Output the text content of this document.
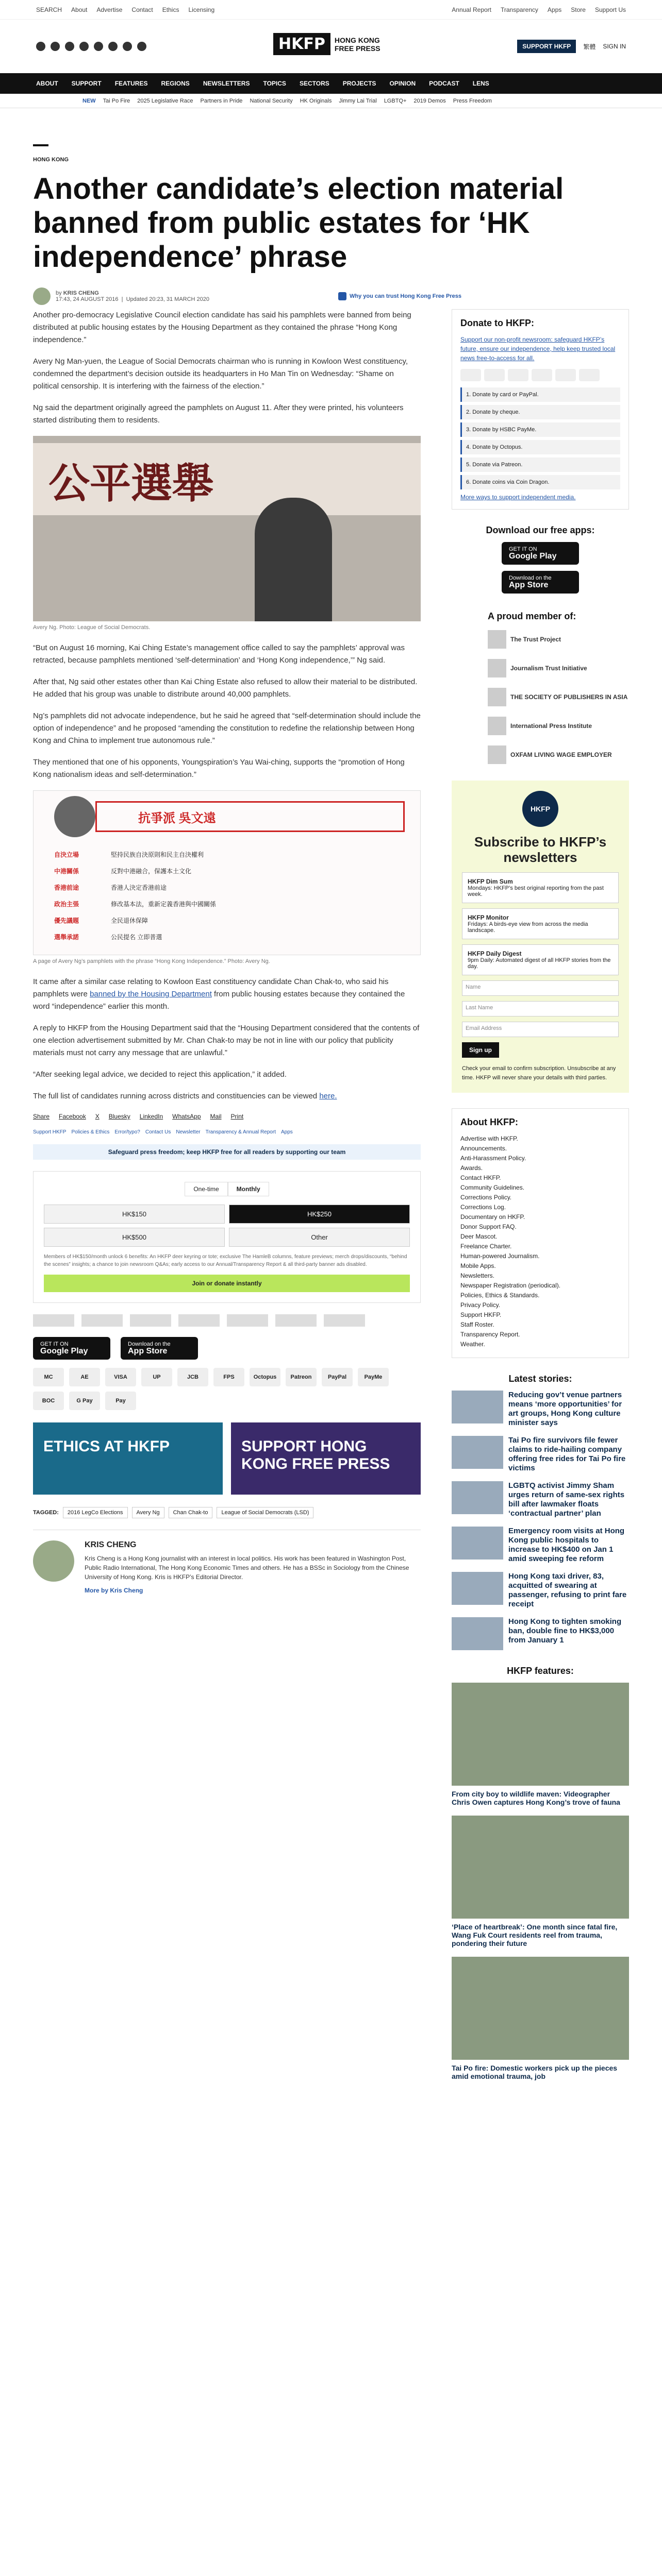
SEARCH About Advertise Contact Ethics Licensing	Annual Report Transparency Apps Store Support Us
HKFP	HONG KONG
FREE PRESS	SUPPORT HKFP	繁體 SIGN IN
ABOUT SUPPORT FEATURES REGIONS NEWSLETTERS TOPICS SECTORS PROJECTS OPINION PODCAST LENS
NEW Tai Po Fire 2025 Legislative Race Partners in Pride National Security HK Originals Jimmy Lai Trial LGBTQ+ 2019 Demos Press Freedom
HONG KONG
Another candidate’s election material banned from public estates for ‘HK independence’ phrase
by KRIS CHENG
17:43, 24 AUGUST 2016  |  Updated 20:23, 31 MARCH 2020	Why you can trust Hong Kong Free Press

Another pro-democracy Legislative Council election candidate has said his pamphlets were banned from being distributed at public housing estates by the Housing Department as they contained the phrase “Hong Kong independence.”

Avery Ng Man-yuen, the League of Social Democrats chairman who is running in Kowloon West constituency, condemned the department’s decision outside its headquarters in Ho Man Tin on Wednesday: “Shame on political censorship. It is interfering with the fairness of the election.”

Ng said the department originally agreed the pamphlets on August 11. After they were printed, his volunteers started distributing them to residents.

公平選舉
Avery Ng. Photo: League of Social Democrats.

“But on August 16 morning, Kai Ching Estate’s management office called to say the pamphlets’ approval was retracted, because pamphlets mentioned ‘self-determination’ and ‘Hong Kong independence,’” Ng said.

After that, Ng said other estates other than Kai Ching Estate also refused to allow their material to be distributed. He added that his group was unable to distribute around 40,000 pamphlets.

Ng’s pamphlets did not advocate independence, but he said he agreed that “self-determination should include the option of independence” and he proposed “amending the constitution to redefine the relationship between Hong Kong and China to implement true autonomous rule.”

They mentioned that one of his opponents, Youngspiration’s Yau Wai-ching, supports the “promotion of Hong Kong nationalism ideas and self-determination.”

抗爭派 吳文遠
自決立場	堅持民族自決原則和民主自決權利
中港關係	反對中港融合，保護本土文化
香港前途	香港人決定香港前途
政治主張	修改基本法，重新定義香港與中國關係
優先議題	全民退休保障
選舉承諾	公民提名 立即普選
A page of Avery Ng’s pamphlets with the phrase “Hong Kong Independence.” Photo: Avery Ng.

It came after a similar case relating to Kowloon East constituency candidate Chan Chak-to, who said his pamphlets were banned by the Housing Department from public housing estates because they contained the word “independence” earlier this month.

A reply to HKFP from the Housing Department said that the “Housing Department considered that the contents of one election advertisement submitted by Mr. Chan Chak-to may be not in line with our policy that publicity materials must not carry any message that are unlawful.”

“After seeking legal advice, we decided to reject this application,” it added.

The full list of candidates running across districts and constituencies can be viewed here.

Share Facebook X Bluesky LinkedIn WhatsApp Mail Print
Support HKFP Policies & Ethics Error/typo? Contact Us Newsletter Transparency & Annual Report Apps
Safeguard press freedom; keep HKFP free for all readers by supporting our team
One-time	Monthly
HK$150	HK$250
HK$500	Other
Members of HK$150/month unlock 6 benefits: An HKFP deer keyring or tote; exclusive The HamleB columns, feature previews; merch drops/discounts, “behind the scenes” insights; a chance to join newsroom Q&As; early access to our Annual/Transparency Report & all third-party banner ads disabled.
Join or donate instantly
GET IT ON
Google Play
Download on the
App Store
MC	AE	VISA	UP	JCB	FPS	Octopus	Patreon	PayPal	PayMe
BOC	G Pay	Pay
ETHICS AT HKFP	SUPPORT HONG KONG FREE PRESS
TAGGED:	2016 LegCo Elections	Avery Ng	Chan Chak-to	League of Social Democrats (LSD)
KRIS CHENG

Kris Cheng is a Hong Kong journalist with an interest in local politics. His work has been featured in Washington Post, Public Radio International, The Hong Kong Economic Times and others. He has a BSSc in Sociology from the Chinese University of Hong Kong. Kris is HKFP’s Editorial Director.

More by Kris Cheng
Donate to HKFP:

Support our non-profit newsroom: safeguard HKFP’s future, ensure our independence, help keep trusted local news free-to-access for all.

1. Donate by card or PayPal.
2. Donate by cheque.
3. Donate by HSBC PayMe.
4. Donate by Octopus.
5. Donate via Patreon.
6. Donate coins via Coin Dragon.
More ways to support independent media.
Download our free apps:
GET IT ON
Google Play
Download on the
App Store
A proud member of:
The Trust Project
Journalism Trust Initiative
THE SOCIETY OF PUBLISHERS IN ASIA
International Press Institute
OXFAM LIVING WAGE EMPLOYER
HKFP
Subscribe to HKFP’s newsletters
HKFP Dim Sum
Mondays: HKFP’s best original reporting from the past week.
HKFP Monitor
Fridays: A birds-eye view from across the media landscape.
HKFP Daily Digest
9pm Daily: Automated digest of all HKFP stories from the day.
Name
Last Name
Email Address
Sign up

Check your email to confirm subscription. Unsubscribe at any time. HKFP will never share your details with third parties.

About HKFP:
Advertise with HKFP.
Announcements.
Anti-Harassment Policy.
Awards.
Contact HKFP.
Community Guidelines.
Corrections Policy.
Corrections Log.
Documentary on HKFP.
Donor Support FAQ.
Deer Mascot.
Freelance Charter.
Human-powered Journalism.
Mobile Apps.
Newsletters.
Newspaper Registration (periodical).
Policies, Ethics & Standards.
Privacy Policy.
Support HKFP.
Staff Roster.
Transparency Report.
Weather.
Latest stories:
Reducing gov’t venue partners means ‘more opportunities’ for art groups, Hong Kong culture minister says
Tai Po fire survivors file fewer claims to ride-hailing company offering free rides for Tai Po fire victims
LGBTQ activist Jimmy Sham urges return of same-sex rights bill after lawmaker floats ‘contractual partner’ plan
Emergency room visits at Hong Kong public hospitals to increase to HK$400 on Jan 1 amid sweeping fee reform
Hong Kong taxi driver, 83, acquitted of swearing at passenger, refusing to print fare receipt
Hong Kong to tighten smoking ban, double fine to HK$3,000 from January 1
HKFP features:
From city boy to wildlife maven: Videographer Chris Owen captures Hong Kong’s trove of fauna
‘Place of heartbreak’: One month since fatal fire, Wang Fuk Court residents reel from trauma, pondering their future
Tai Po fire: Domestic workers pick up the pieces amid emotional trauma, job
